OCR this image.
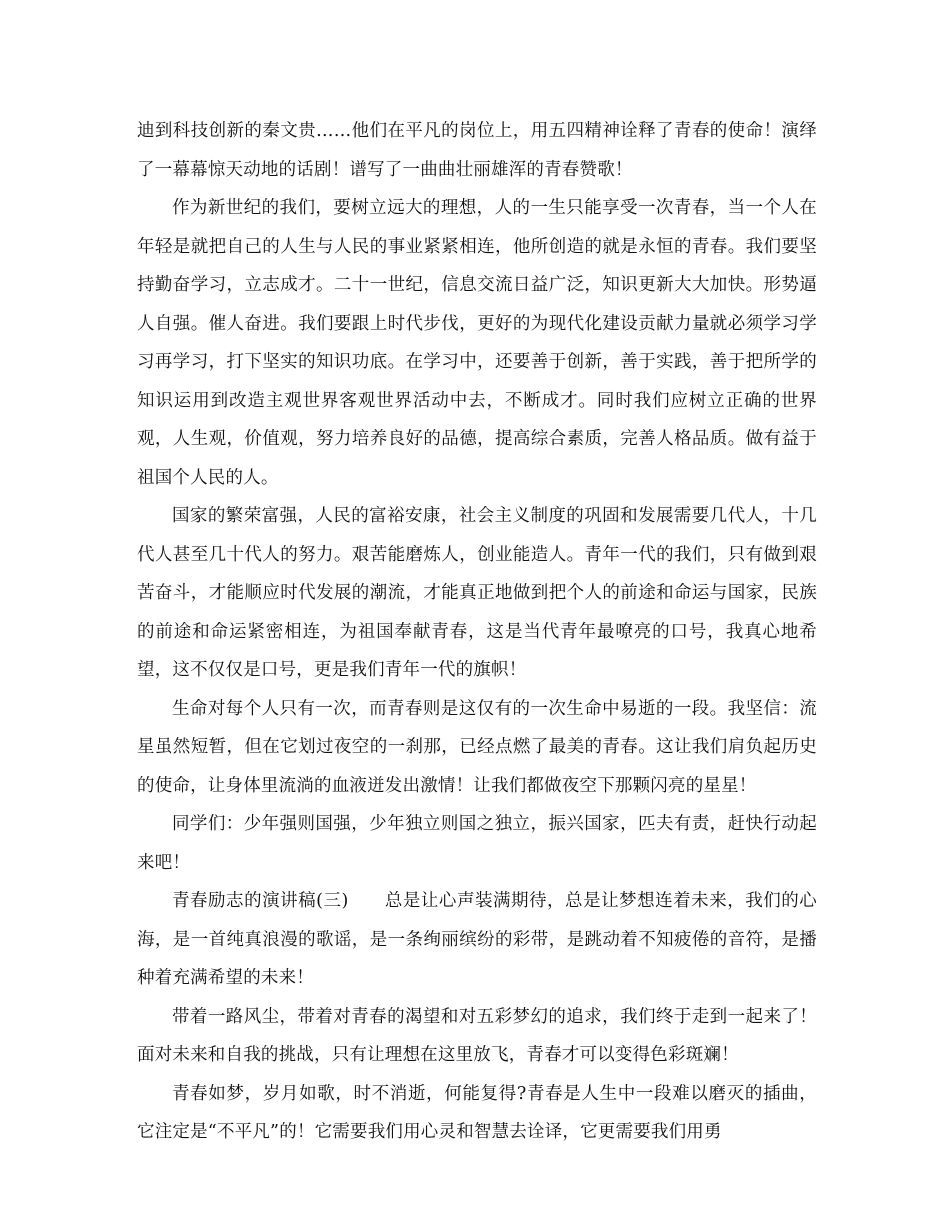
迪到科技创新的秦文贵……他们在平凡的岗位上，用五四精神诠释了青春的使命！演绎了一幕幕惊天动地的话剧！谱写了一曲曲壮丽雄浑的青春赞歌！

作为新世纪的我们，要树立远大的理想，人的一生只能享受一次青春，当一个人在年轻是就把自己的人生与人民的事业紧紧相连，他所创造的就是永恒的青春。我们要坚持勤奋学习，立志成才。二十一世纪，信息交流日益广泛，知识更新大大加快。形势逼人自强。催人奋进。我们要跟上时代步伐，更好的为现代化建设贡献力量就必须学习学习再学习，打下坚实的知识功底。在学习中，还要善于创新，善于实践，善于把所学的知识运用到改造主观世界客观世界活动中去，不断成才。同时我们应树立正确的世界观，人生观，价值观，努力培养良好的品德，提高综合素质，完善人格品质。做有益于祖国个人民的人。

国家的繁荣富强，人民的富裕安康，社会主义制度的巩固和发展需要几代人，十几代人甚至几十代人的努力。艰苦能磨炼人，创业能造人。青年一代的我们，只有做到艰苦奋斗，才能顺应时代发展的潮流，才能真正地做到把个人的前途和命运与国家，民族的前途和命运紧密相连，为祖国奉献青春，这是当代青年最嘹亮的口号，我真心地希望，这不仅仅是口号，更是我们青年一代的旗帜！

生命对每个人只有一次，而青春则是这仅有的一次生命中易逝的一段。我坚信：流星虽然短暂，但在它划过夜空的一刹那，已经点燃了最美的青春。这让我们肩负起历史的使命，让身体里流淌的血液迸发出激情！让我们都做夜空下那颗闪亮的星星！

同学们：少年强则国强，少年独立则国之独立，振兴国家，匹夫有责，赶快行动起来吧！

青春励志的演讲稿(三)　　总是让心声装满期待，总是让梦想连着未来，我们的心海，是一首纯真浪漫的歌谣，是一条绚丽缤纷的彩带，是跳动着不知疲倦的音符，是播种着充满希望的未来！

带着一路风尘，带着对青春的渴望和对五彩梦幻的追求，我们终于走到一起来了！面对未来和自我的挑战，只有让理想在这里放飞，青春才可以变得色彩斑斓！

青春如梦，岁月如歌，时不消逝，何能复得?青春是人生中一段难以磨灭的插曲，它注定是“不平凡”的！它需要我们用心灵和智慧去诠译，它更需要我们用勇
